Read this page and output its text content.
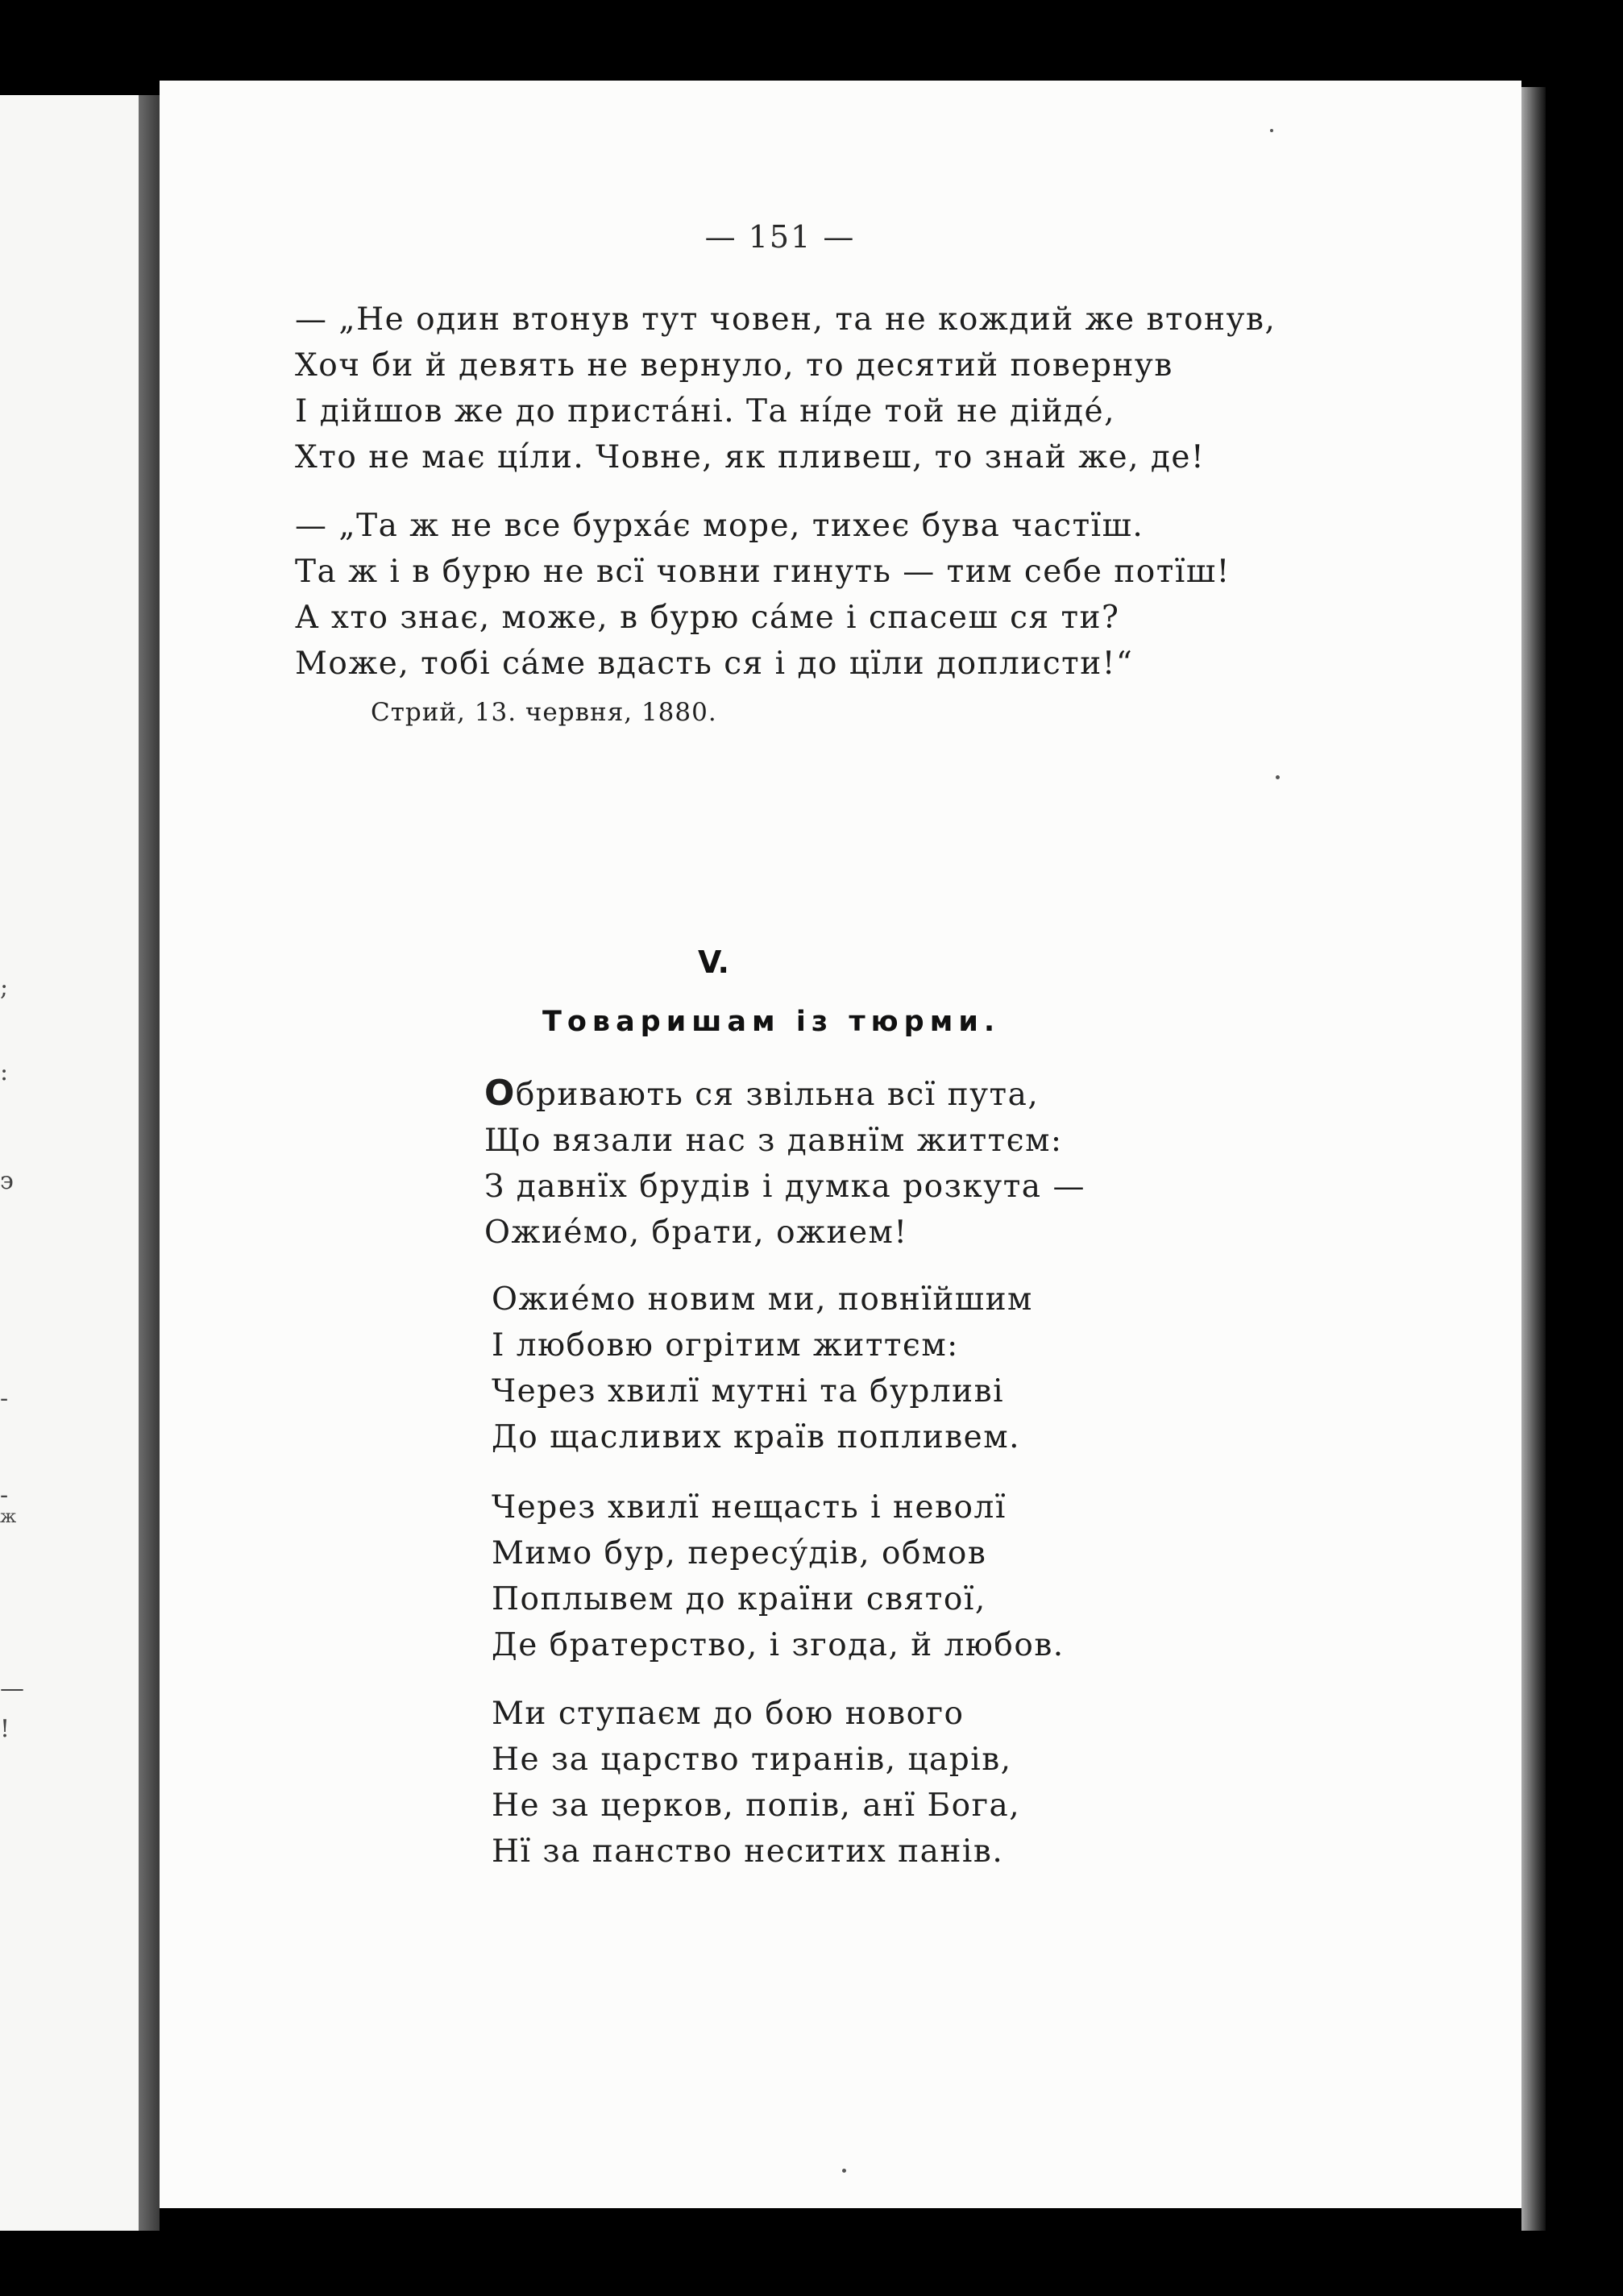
;
:
э
-
-
ж
—
!
— 151 —
— „Не один втонув тут човен, та не кождий же втонув,
Хоч би й девять не вернуло, то десятий повернув
І дійшов же до пристáні. Та нíде той не дійдé,
Хто не має цíли. Човне, як пливеш, то знай же, де!
— „Та ж не все бурхáє море, тихеє бува частїш.
Та ж і в бурю не всї човни гинуть — тим себе потїш!
А хто знає, може, в бурю сáме і спасеш ся ти?
Може, тобі сáме вдасть ся і до цїли доплисти!“
Стрий, 13. червня, 1880.
V.
Товаришам із тюрми.
Обривають ся звільна всї пута,
Що вязали нас з давнїм життєм:
З давнїх брудів і думка розкута —
Ожиéмо, брати, ожием!
Ожиéмо новим ми, повнїйшим
І любовю огрітим життєм:
Через хвилї мутні та бурливі
До щасливих країв попливем.
Через хвилї нещасть і неволї
Мимо бур, пересýдів, обмов
Поплывем до країни святої,
Де братерство, і згода, й любов.
Ми ступаєм до бою нового
Не за царство тиранів, царів,
Не за церков, попів, анї Бога,
Нї за панство неситих панів.
